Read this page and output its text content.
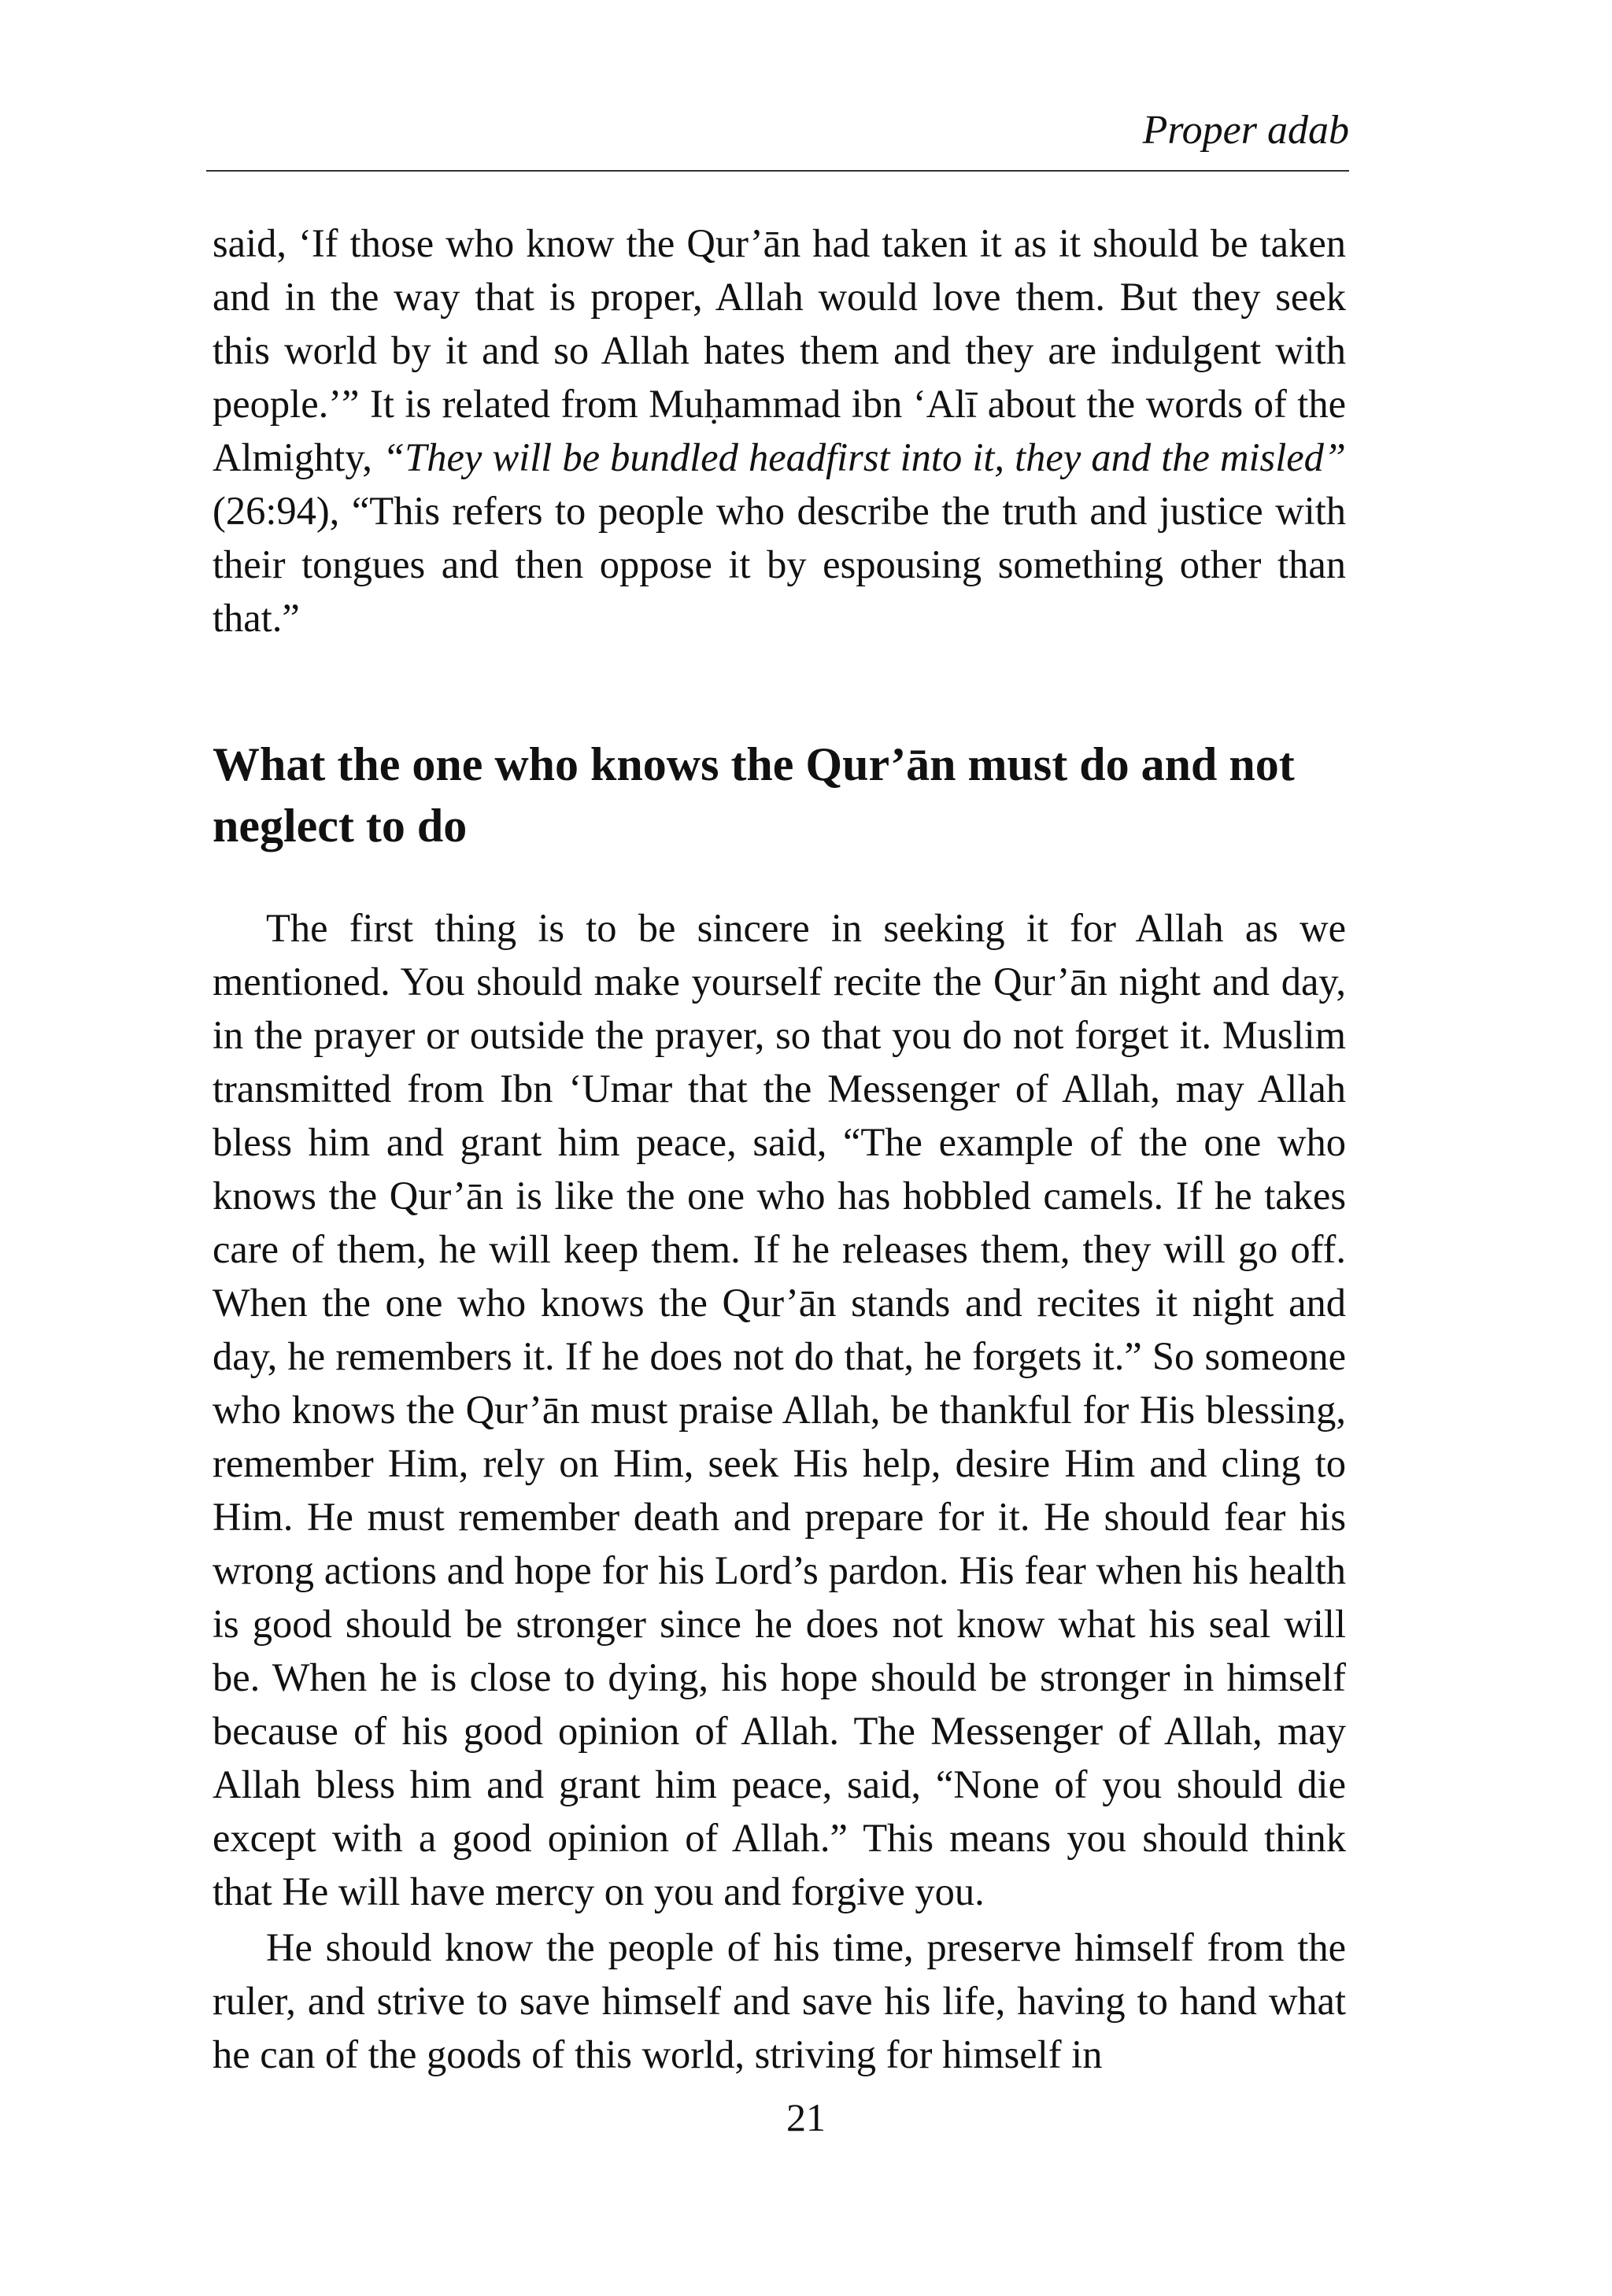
Proper adab

said, ‘If those who know the Qur’ān had taken it as it should be taken and in the way that is proper, Allah would love them. But they seek this world by it and so Allah hates them and they are indulgent with people.’” It is related from Muḥammad ibn ‘Alī about the words of the Almighty, “They will be bundled headfirst into it, they and the misled” (26:94), “This refers to people who describe the truth and justice with their tongues and then oppose it by espousing something other than that.”

What the one who knows the Qur’ān must do and not neglect to do

The first thing is to be sincere in seeking it for Allah as we mentioned. You should make yourself recite the Qur’ān night and day, in the prayer or outside the prayer, so that you do not forget it. Muslim transmitted from Ibn ‘Umar that the Messenger of Allah, may Allah bless him and grant him peace, said, “The example of the one who knows the Qur’ān is like the one who has hobbled camels. If he takes care of them, he will keep them. If he releases them, they will go off. When the one who knows the Qur’ān stands and recites it night and day, he remembers it. If he does not do that, he forgets it.” So someone who knows the Qur’ān must praise Allah, be thankful for His blessing, remember Him, rely on Him, seek His help, desire Him and cling to Him. He must remember death and prepare for it. He should fear his wrong actions and hope for his Lord’s pardon. His fear when his health is good should be stronger since he does not know what his seal will be. When he is close to dying, his hope should be stronger in himself because of his good opinion of Allah. The Messenger of Allah, may Allah bless him and grant him peace, said, “None of you should die except with a good opinion of Allah.” This means you should think that He will have mercy on you and forgive you.

He should know the people of his time, preserve himself from the ruler, and strive to save himself and save his life, having to hand what he can of the goods of this world, striving for himself in

21
